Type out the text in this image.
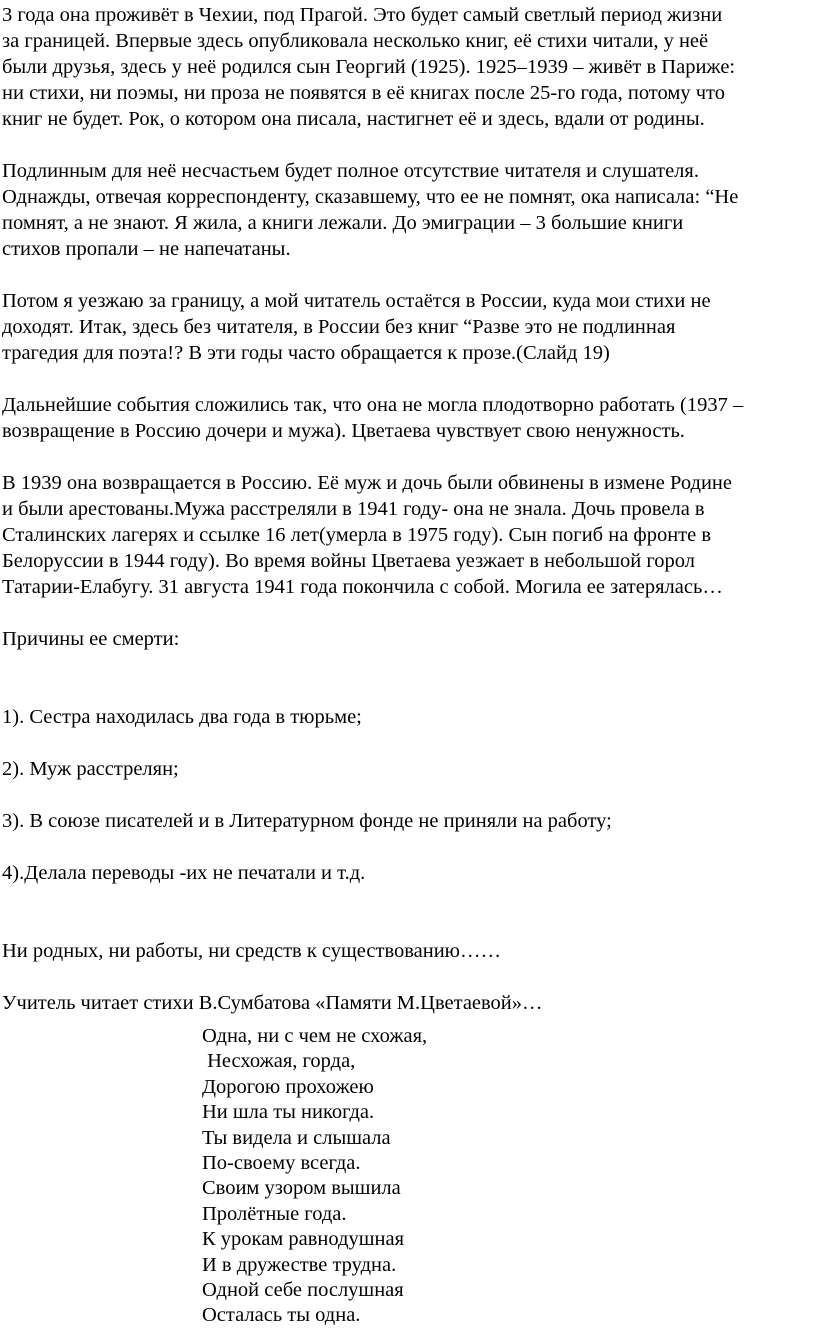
3 года она проживёт в Чехии, под Прагой. Это будет самый светлый период жизни
за границей. Впервые здесь опубликовала несколько книг, её стихи читали, у неё
были друзья, здесь у неё родился сын Георгий (1925). 1925–1939 – живёт в Париже:
ни стихи, ни поэмы, ни проза не появятся в её книгах после 25-го года, потому что
книг не будет. Рок, о котором она писала, настигнет её и здесь, вдали от родины.

Подлинным для неё несчастьем будет полное отсутствие читателя и слушателя.
Однажды, отвечая корреспонденту, сказавшему, что ее не помнят, ока написала: “Не
помнят, а не знают. Я жила, а книги лежали. До эмиграции – 3 большие книги
стихов пропали – не напечатаны.

Потом я уезжаю за границу, а мой читатель остаётся в России, куда мои стихи не
доходят. Итак, здесь без читателя, в России без книг “Разве это не подлинная
трагедия для поэта!? В эти годы часто обращается к прозе.(Слайд 19)

Дальнейшие события сложились так, что она не могла плодотворно работать (1937 –
возвращение в Россию дочери и мужа). Цветаева чувствует свою ненужность.

В 1939 она возвращается в Россию. Её муж и дочь были обвинены в измене Родине
и были арестованы.Мужа расстреляли в 1941 году- она не знала. Дочь провела в
Сталинских лагерях и ссылке 16 лет(умерла в 1975 году). Сын погиб на фронте в
Белоруссии в 1944 году). Во время войны Цветаева уезжает в небольшой горол
Татарии-Елабугу. 31 августа 1941 года покончила с собой. Могила ее затерялась…

Причины ее смерти:

1). Сестра находилась два года в тюрьме;

2). Муж расстрелян;

3). В союзе писателей и в Литературном фонде не приняли на работу;

4).Делала переводы -их не печатали и т.д.

Ни родных, ни работы, ни средств к существованию……

Учитель читает стихи В.Сумбатова «Памяти М.Цветаевой»…

Одна, ни с чем не схожая,
Несхожая, горда,
Дорогою прохожею
Ни шла ты никогда.
Ты видела и слышала
По-своему всегда.
Своим узором вышила
Пролётные года.
К урокам равнодушная
И в дружестве трудна.
Одной себе послушная
Осталась ты одна.
